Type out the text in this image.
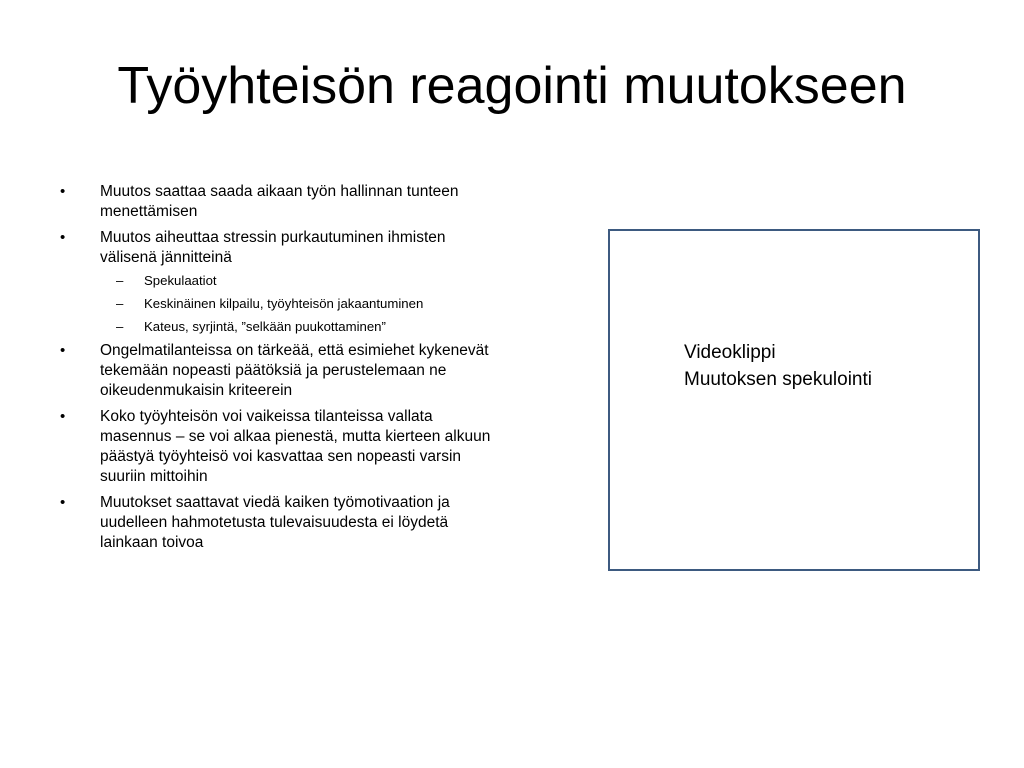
Työyhteisön reagointi muutokseen
• Muutos saattaa saada aikaan työn hallinnan tunteen menettämisen
• Muutos aiheuttaa stressin purkautuminen ihmisten välisenä jännitteinä
– Spekulaatiot
– Keskinäinen kilpailu, työyhteisön jakaantuminen
– Kateus, syrjintä, ”selkään puukottaminen”
• Ongelmatilanteissa on tärkeää, että esimiehet kykenevät tekemään nopeasti päätöksiä ja perustelemaan ne oikeudenmukaisin kriteerein
• Koko työyhteisön voi vaikeissa tilanteissa vallata masennus – se voi alkaa pienestä, mutta kierteen alkuun päästyä työyhteisö voi kasvattaa sen nopeasti varsin suuriin mittoihin
• Muutokset saattavat viedä kaiken työmotivaation ja uudelleen hahmotetusta tulevaisuudesta ei löydetä lainkaan toivoa
Videoklippi
Muutoksen spekulointi
